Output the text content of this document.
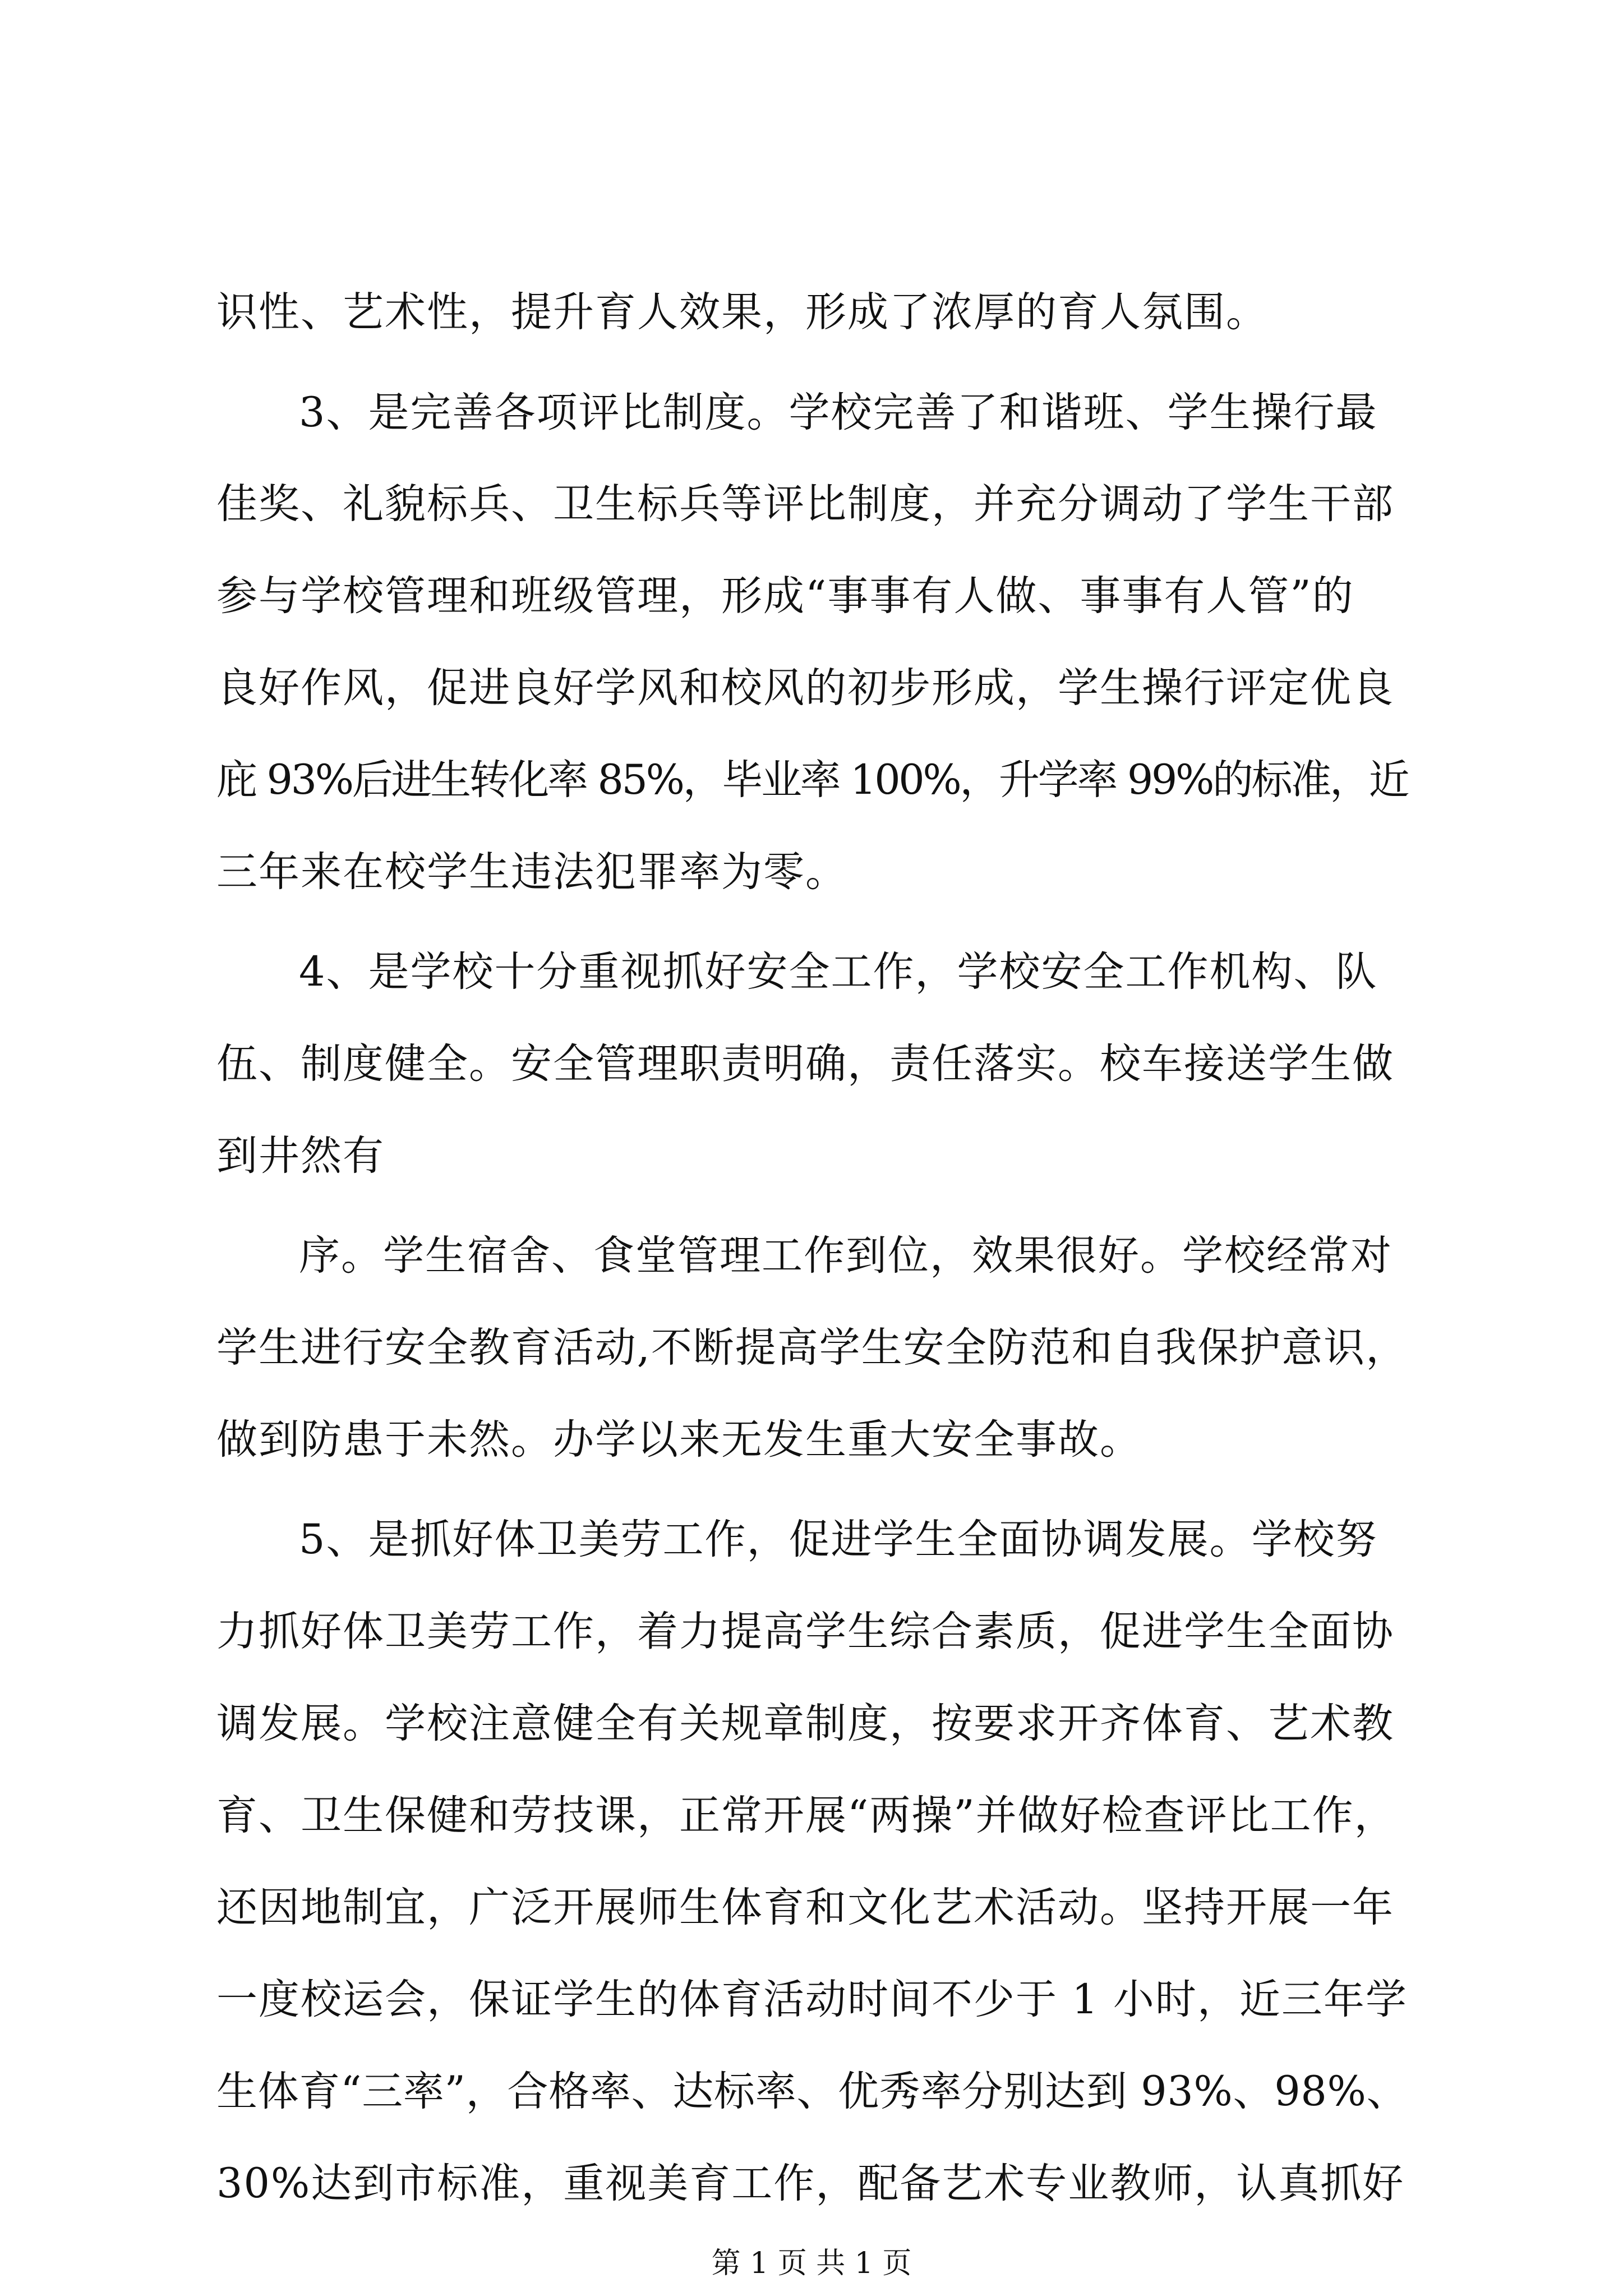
识性、艺术性，提升育人效果，形成了浓厚的育人氛围。
3、是完善各项评比制度。学校完善了和谐班、学生操行最
佳奖、礼貌标兵、卫生标兵等评比制度，并充分调动了学生干部
参与学校管理和班级管理，形成“事事有人做、事事有人管”的
良好作风，促进良好学风和校风的初步形成，学生操行评定优良
庇 93%后进生转化率 85%，毕业率 100%，升学率 99%的标准，近
三年来在校学生违法犯罪率为零。
4、是学校十分重视抓好安全工作，学校安全工作机构、队
伍、制度健全。安全管理职责明确，责任落实。校车接送学生做
到井然有
序。学生宿舍、食堂管理工作到位，效果很好。学校经常对
学生进行安全教育活动,不断提高学生安全防范和自我保护意识，
做到防患于未然。办学以来无发生重大安全事故。
5、是抓好体卫美劳工作，促进学生全面协调发展。学校努
力抓好体卫美劳工作，着力提高学生综合素质，促进学生全面协
调发展。学校注意健全有关规章制度，按要求开齐体育、艺术教
育、卫生保健和劳技课，正常开展“两操”并做好检查评比工作，
还因地制宜，广泛开展师生体育和文化艺术活动。坚持开展一年
一度校运会，保证学生的体育活动时间不少于 1 小时，近三年学
生体育“三率”，合格率、达标率、优秀率分别达到 93%、98%、
30%达到市标准，重视美育工作，配备艺术专业教师，认真抓好
第 1 页 共 1 页
